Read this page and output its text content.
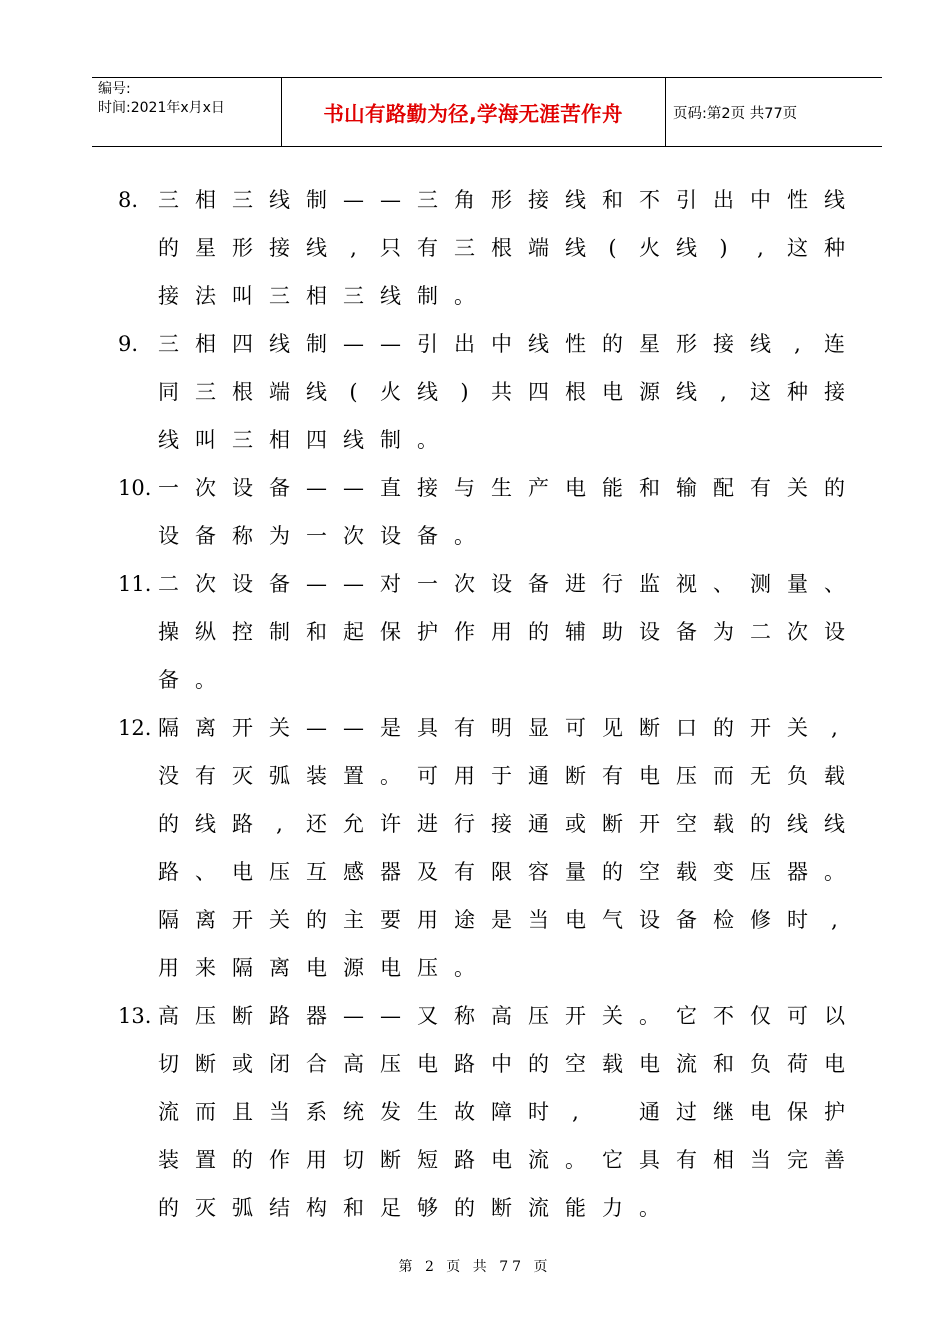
编号:
时间:2021年x月x日	书山有路勤为径,学海无涯苦作舟	页码:第2页 共77页
8. 三 相 三 线 制 — — 三 角 形 接 线 和 不 引 出 中 性 线
的 星 形 接 线 , 只 有 三 根 端 线 ( 火 线 ) , 这 种
接 法 叫 三 相 三 线 制 。
9. 三 相 四 线 制 — — 引 出 中 线 性 的 星 形 接 线 , 连
同 三 根 端 线 ( 火 线 ) 共 四 根 电 源 线 , 这 种 接
线 叫 三 相 四 线 制 。
10. 一 次 设 备 — — 直 接 与 生 产 电 能 和 输 配 有 关 的
设 备 称 为 一 次 设 备 。
11. 二 次 设 备 — — 对 一 次 设 备 进 行 监 视 、 测 量 、
操 纵 控 制 和 起 保 护 作 用 的 辅 助 设 备 为 二 次 设
备 。
12. 隔 离 开 关 — — 是 具 有 明 显 可 见 断 口 的 开 关 ,
没 有 灭 弧 装 置 。 可 用 于 通 断 有 电 压 而 无 负 载
的 线 路 , 还 允 许 进 行 接 通 或 断 开 空 载 的 线 线
路 、 电 压 互 感 器 及 有 限 容 量 的 空 载 变 压 器 。
隔 离 开 关 的 主 要 用 途 是 当 电 气 设 备 检 修 时 ,
用 来 隔 离 电 源 电 压 。
13. 高 压 断 路 器 — — 又 称 高 压 开 关 。 它 不 仅 可 以
切 断 或 闭 合 高 压 电 路 中 的 空 载 电 流 和 负 荷 电
流 而 且 当 系 统 发 生 故 障 时 ,	通 过 继 电 保 护
装 置 的 作 用 切 断 短 路 电 流 。 它 具 有 相 当 完 善
的 灭 弧 结 构 和 足 够 的 断 流 能 力 。
第 2 页 共 77 页
